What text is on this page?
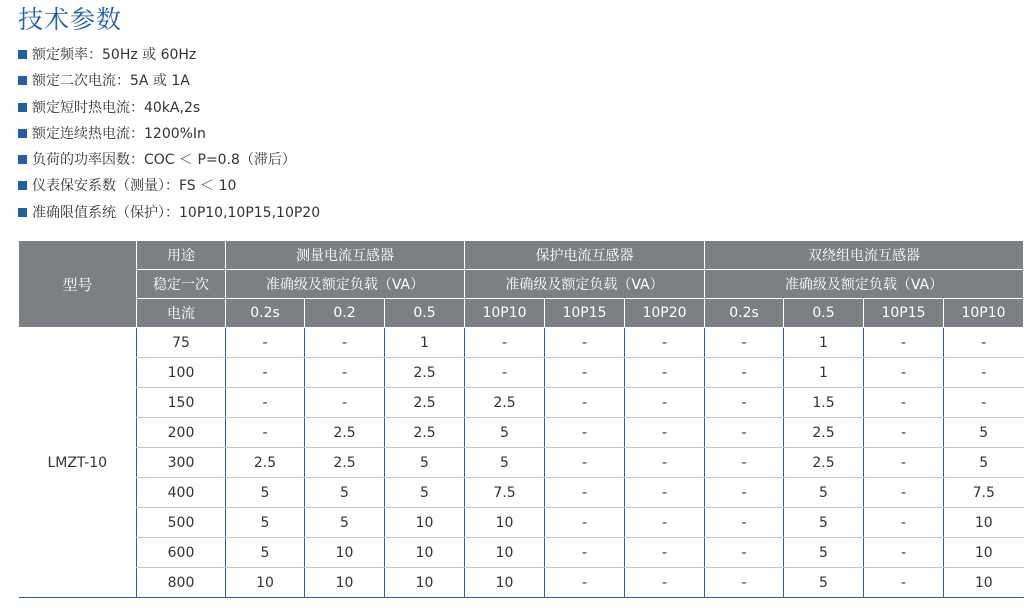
技术参数
额定频率：50Hz 或 60Hz
额定二次电流：5A 或 1A
额定短时热电流：40kA,2s
额定连续热电流：1200%In
负荷的功率因数：COC ＜ P=0.8（滞后）
仪表保安系数（测量）：FS ＜ 10
准确限值系统（保护）：10P10,10P15,10P20
型号	用途	测量电流互感器			保护电流互感器			双绕组电流互感器			
	稳定一次	准确级及额定负载（VA）			准确级及额定负载（VA）			准确级及额定负载（VA）			
	电流	0.2s	0.2	0.5	10P10	10P15	10P20	0.2s	0.5	10P15	10P10
LMZT-10	75	-	-	1	-	-	-	-	1	-	-
	100	-	-	2.5	-	-	-	-	1	-	-
	150	-	-	2.5	2.5	-	-	-	1.5	-	-
	200	-	2.5	2.5	5	-	-	-	2.5	-	5
	300	2.5	2.5	5	5	-	-	-	2.5	-	5
	400	5	5	5	7.5	-	-	-	5	-	7.5
	500	5	5	10	10	-	-	-	5	-	10
	600	5	10	10	10	-	-	-	5	-	10
	800	10	10	10	10	-	-	-	5	-	10
